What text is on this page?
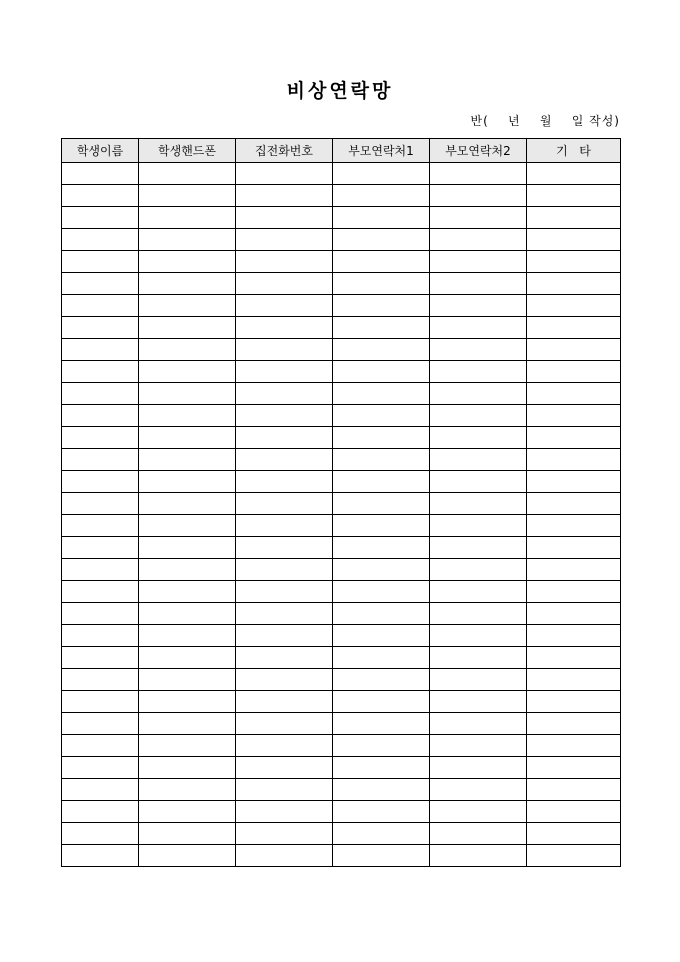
비상연락망
반(    년    월    일 작성)
학생이름	학생핸드폰	집전화번호	부모연락처1	부모연락처2	기   타
